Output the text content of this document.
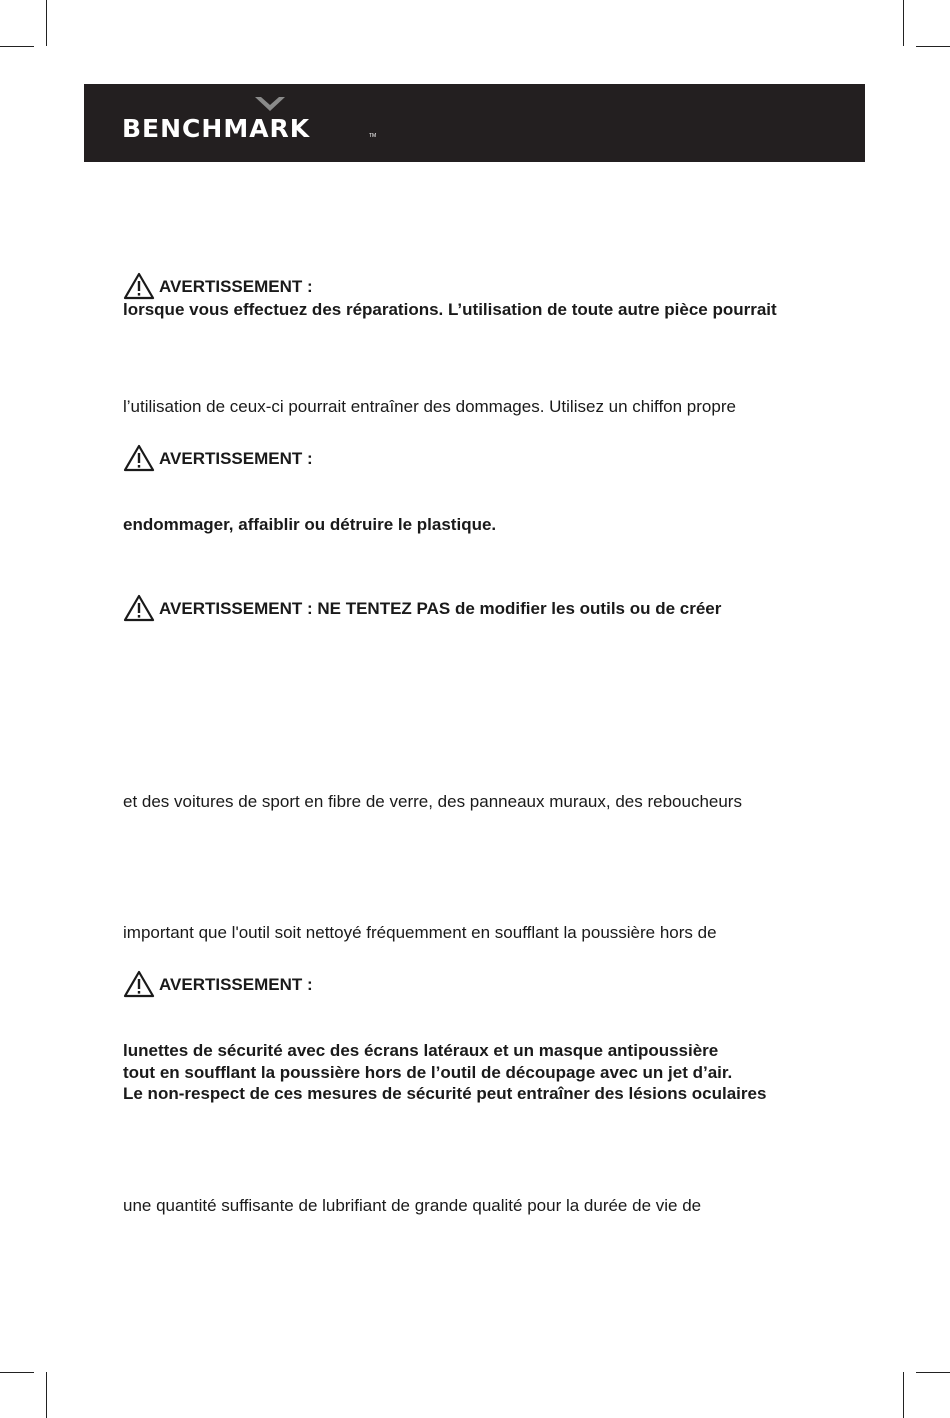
BENCHMARK	TM
AVERTISSEMENT :
lorsque vous effectuez des réparations. L’utilisation de toute autre pièce pourrait
l’utilisation de ceux-ci pourrait entraîner des dommages. Utilisez un chiffon propre
AVERTISSEMENT :
endommager, affaiblir ou détruire le plastique.
AVERTISSEMENT : NE TENTEZ PAS de modifier les outils ou de créer
et des voitures de sport en fibre de verre, des panneaux muraux, des reboucheurs
important que l'outil soit nettoyé fréquemment en soufflant la poussière hors de
AVERTISSEMENT :
lunettes de sécurité avec des écrans latéraux et un masque antipoussière
tout en soufflant la poussière hors de l’outil de découpage avec un jet d’air.
Le non-respect de ces mesures de sécurité peut entraîner des lésions oculaires
une quantité suffisante de lubrifiant de grande qualité pour la durée de vie de
